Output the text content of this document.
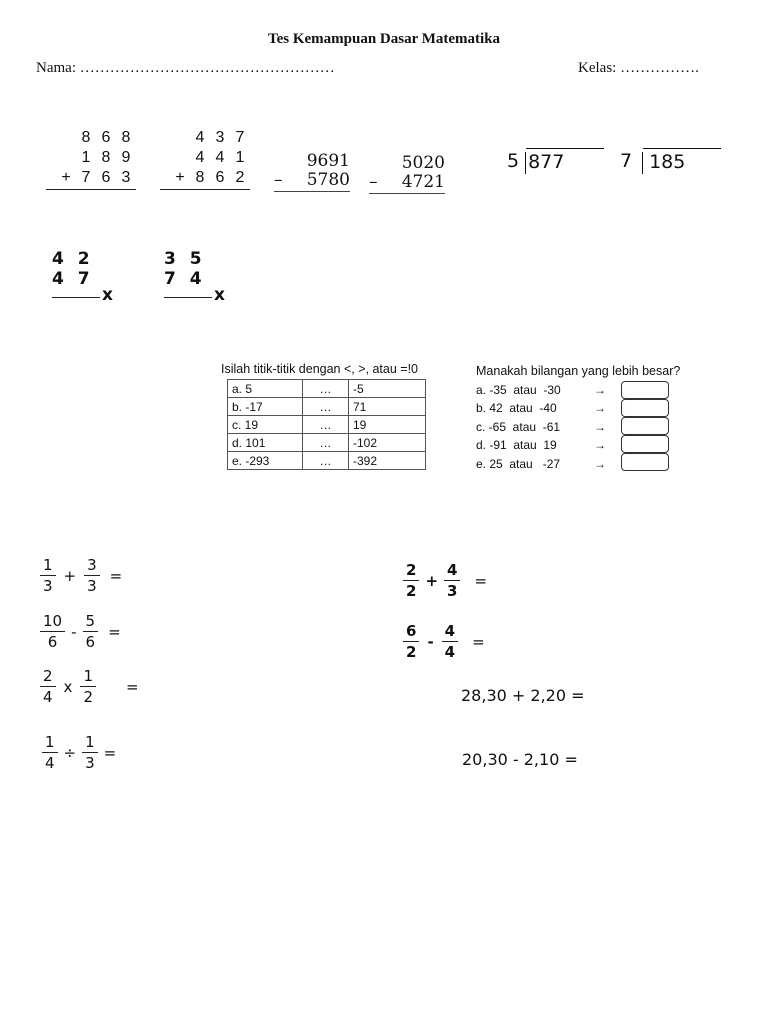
Tes Kemampuan Dasar Matematika
Nama: ……………………………………………	Kelas: …………….
8 6 8
1 8 9
+ 7 6 3
4 3 7
4 4 1
+ 8 6 2
9691
– 5780
5020
– 4721
5 877	7 185
4 2
4 7
x
3 5
7 4
x
Isilah titik-titik dengan <, >, atau =!0
a. 5	…	-5
b. -17	…	71
c. 19	…	19
d. 101	…	-102
e. -293	…	-392
Manakah bilangan yang lebih besar?
a. -35  atau  -30	→
b. 42  atau  -40	→
c. -65  atau  -61	→
d. -91  atau  19	→
e. 25  atau   -27	→
$\frac{1}{3} + \frac{3}{3}$ =
$\frac{10}{6} - \frac{5}{6}$ =
$\frac{2}{4}$ x $\frac{1}{2}$ =
$\frac{1}{4} \div \frac{1}{3}$ =
$\frac{2}{2} + \frac{4}{3}$ =
$\frac{6}{2} - \frac{4}{4}$ =
28,30 + 2,20 =
20,30 - 2,10 =
